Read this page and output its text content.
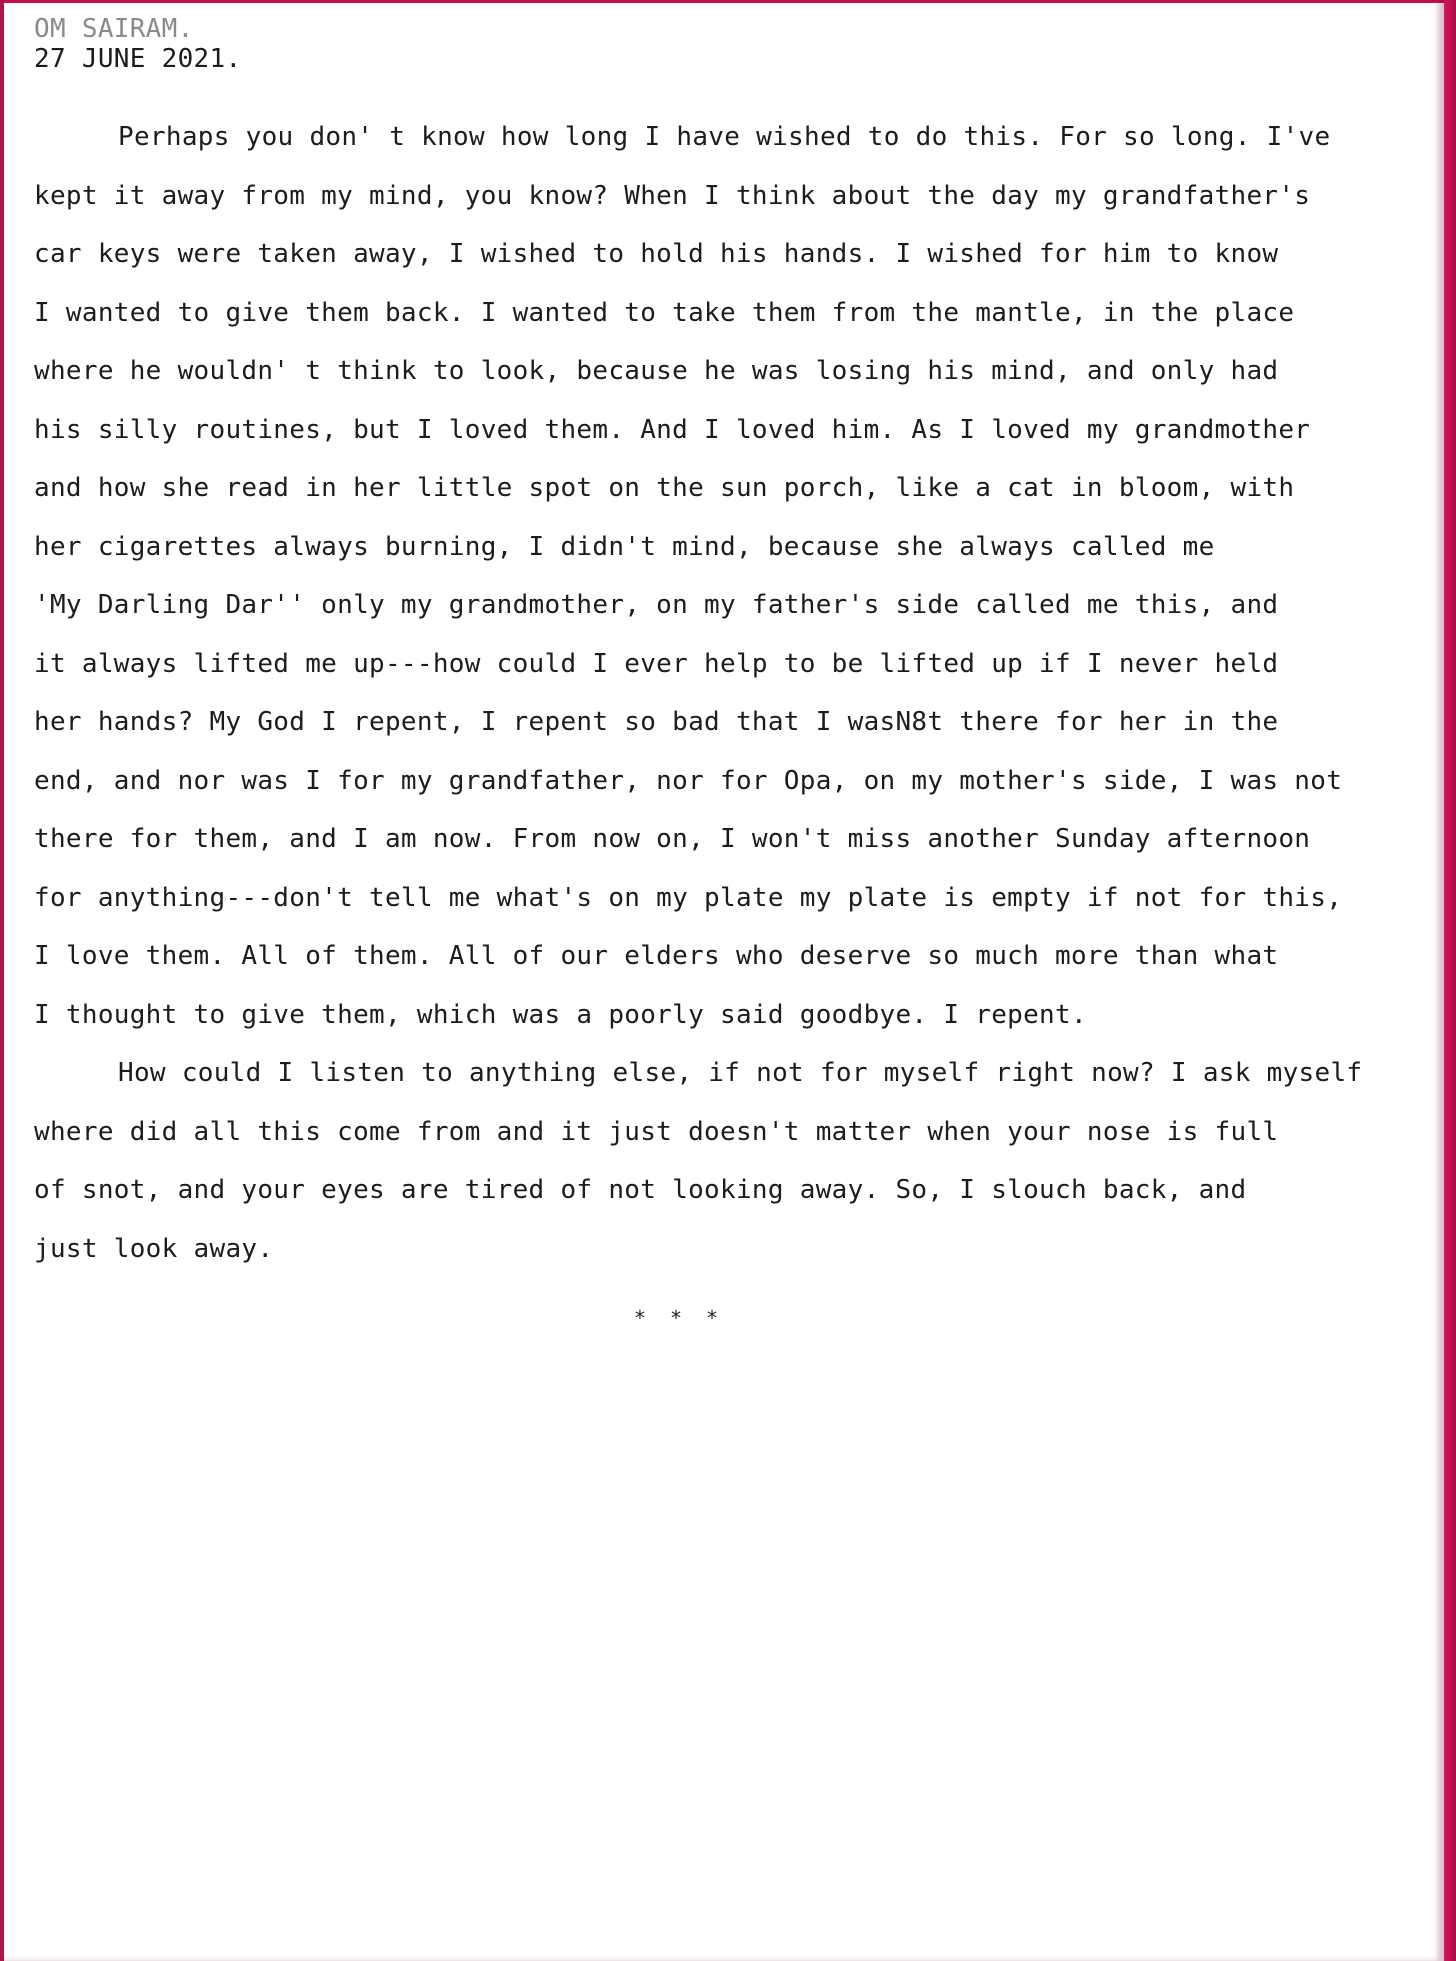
OM SAIRAM.
27 JUNE 2021.
Perhaps you don' t know how long I have wished to do this. For so long. I've
kept it away from my mind, you know? When I think about the day my grandfather's
car keys were taken away, I wished to hold his hands. I wished for him to know
I wanted to give them back. I wanted to take them from the mantle, in the place
where he wouldn' t think to look, because he was losing his mind, and only had
his silly routines, but I loved them. And I loved him. As I loved my grandmother
and how she read in her little spot on the sun porch, like a cat in bloom, with
her cigarettes always burning, I didn't mind, because she always called me
'My Darling Dar'' only my grandmother, on my father's side called me this, and
it always lifted me up---how could I ever help to be lifted up if I never held
her hands? My God I repent, I repent so bad that I wasN8t there for her in the
end, and nor was I for my grandfather, nor for Opa, on my mother's side, I was not
there for them, and I am now. From now on, I won't miss another Sunday afternoon
for anything---don't tell me what's on my plate my plate is empty if not for this,
I love them. All of them. All of our elders who deserve so much more than what
I thought to give them, which was a poorly said goodbye. I repent.
How could I listen to anything else, if not for myself right now? I ask myself
where did all this come from and it just doesn't matter when your nose is full
of snot, and your eyes are tired of not looking away. So, I slouch back, and
just look away.
* * *
